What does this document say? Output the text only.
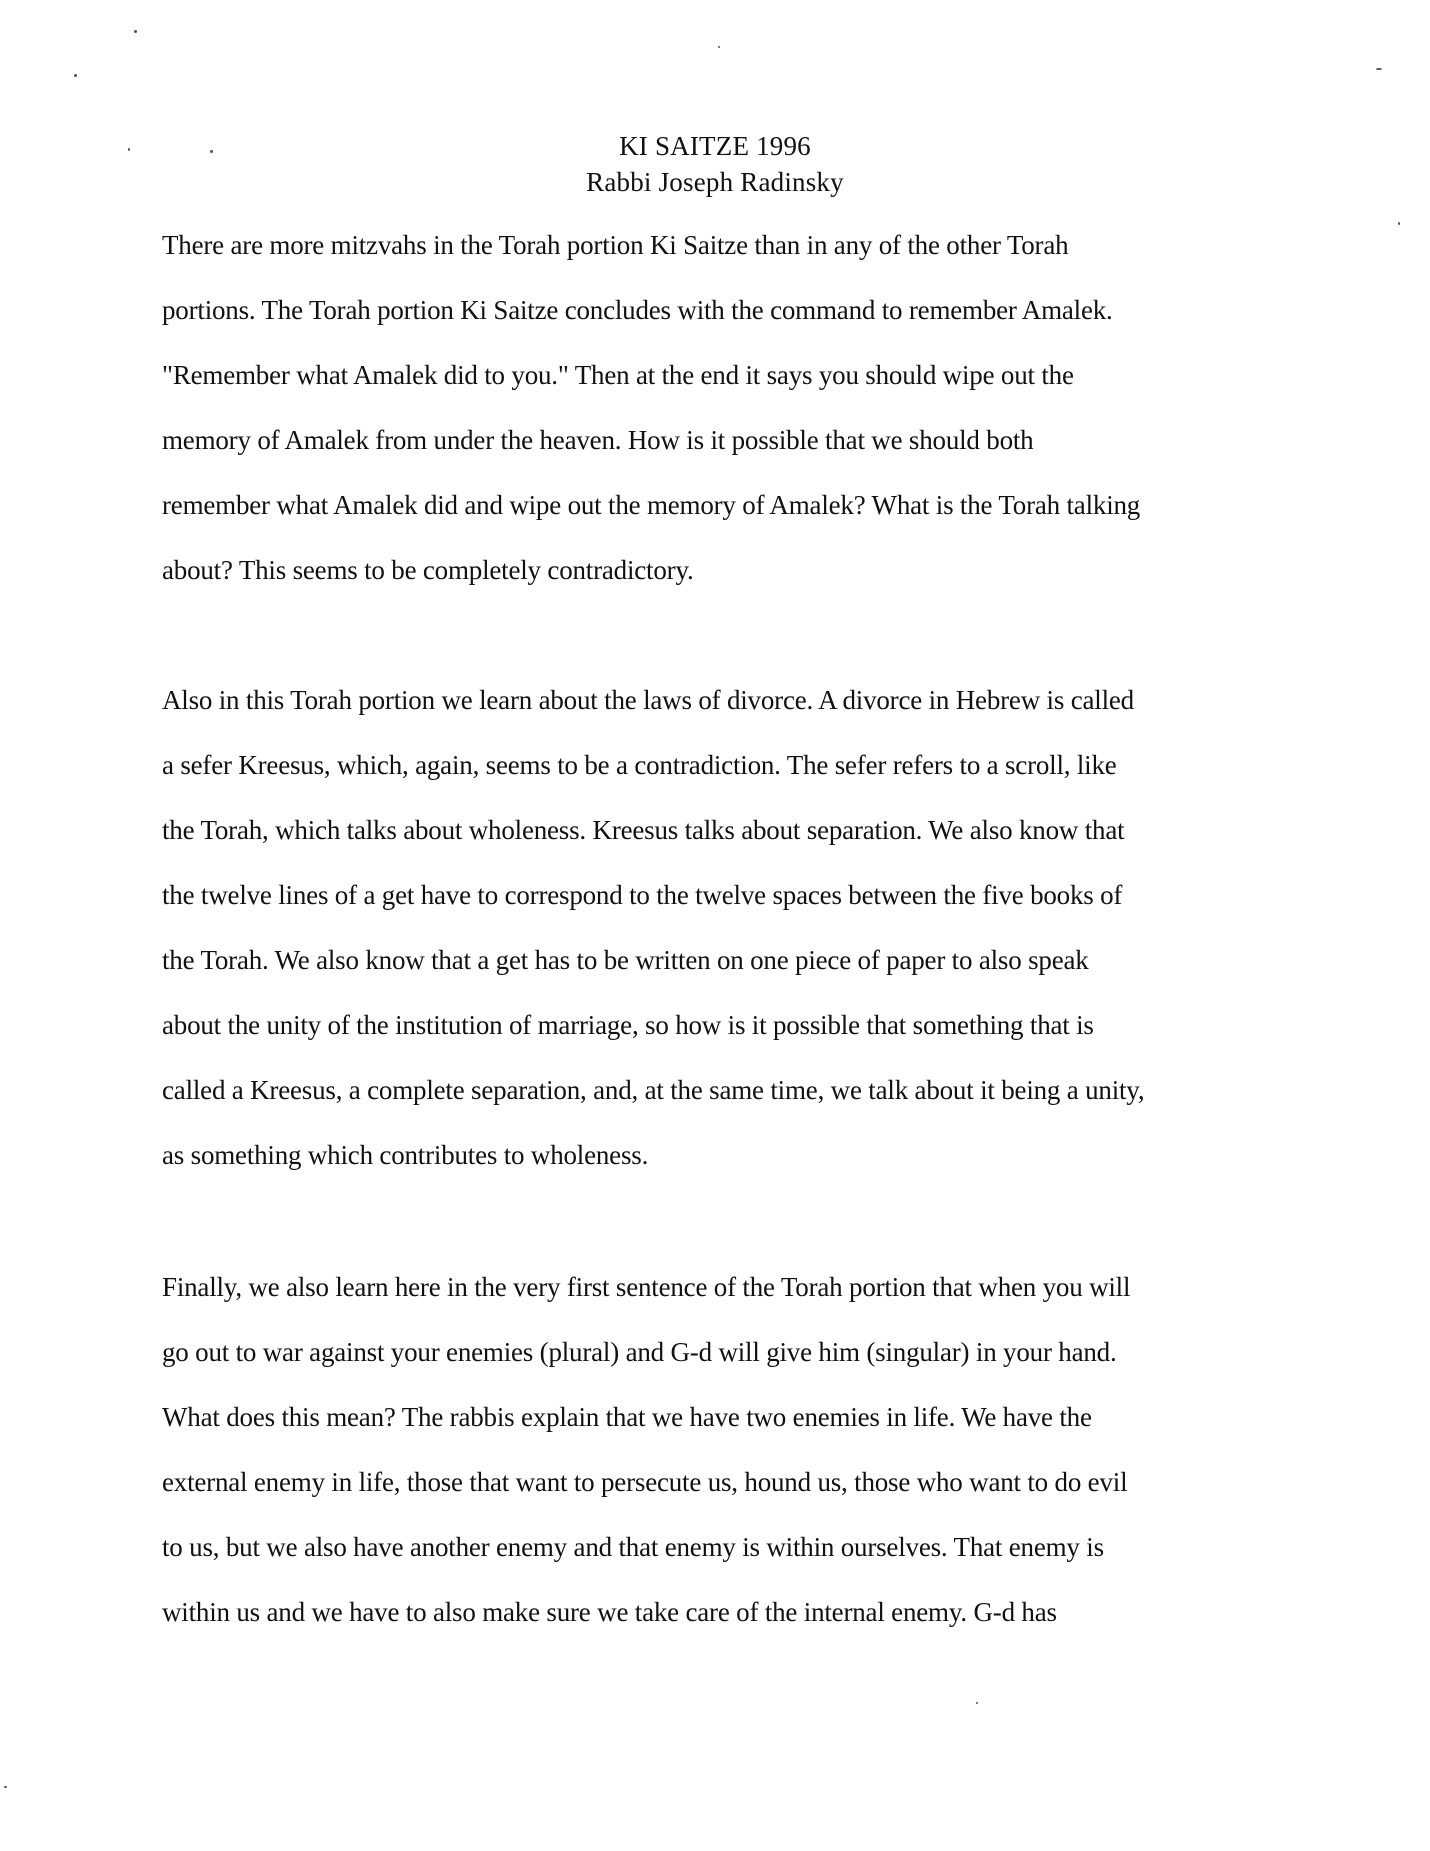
KI SAITZE 1996
Rabbi Joseph Radinsky
There are more mitzvahs in the Torah portion Ki Saitze than in any of the other Torah
portions. The Torah portion Ki Saitze concludes with the command to remember Amalek.
"Remember what Amalek did to you." Then at the end it says you should wipe out the
memory of Amalek from under the heaven. How is it possible that we should both
remember what Amalek did and wipe out the memory of Amalek? What is the Torah talking
about? This seems to be completely contradictory.
Also in this Torah portion we learn about the laws of divorce. A divorce in Hebrew is called
a sefer Kreesus, which, again, seems to be a contradiction. The sefer refers to a scroll, like
the Torah, which talks about wholeness. Kreesus talks about separation. We also know that
the twelve lines of a get have to correspond to the twelve spaces between the five books of
the Torah. We also know that a get has to be written on one piece of paper to also speak
about the unity of the institution of marriage, so how is it possible that something that is
called a Kreesus, a complete separation, and, at the same time, we talk about it being a unity,
as something which contributes to wholeness.
Finally, we also learn here in the very first sentence of the Torah portion that when you will
go out to war against your enemies (plural) and G-d will give him (singular) in your hand.
What does this mean? The rabbis explain that we have two enemies in life. We have the
external enemy in life, those that want to persecute us, hound us, those who want to do evil
to us, but we also have another enemy and that enemy is within ourselves. That enemy is
within us and we have to also make sure we take care of the internal enemy. G-d has
